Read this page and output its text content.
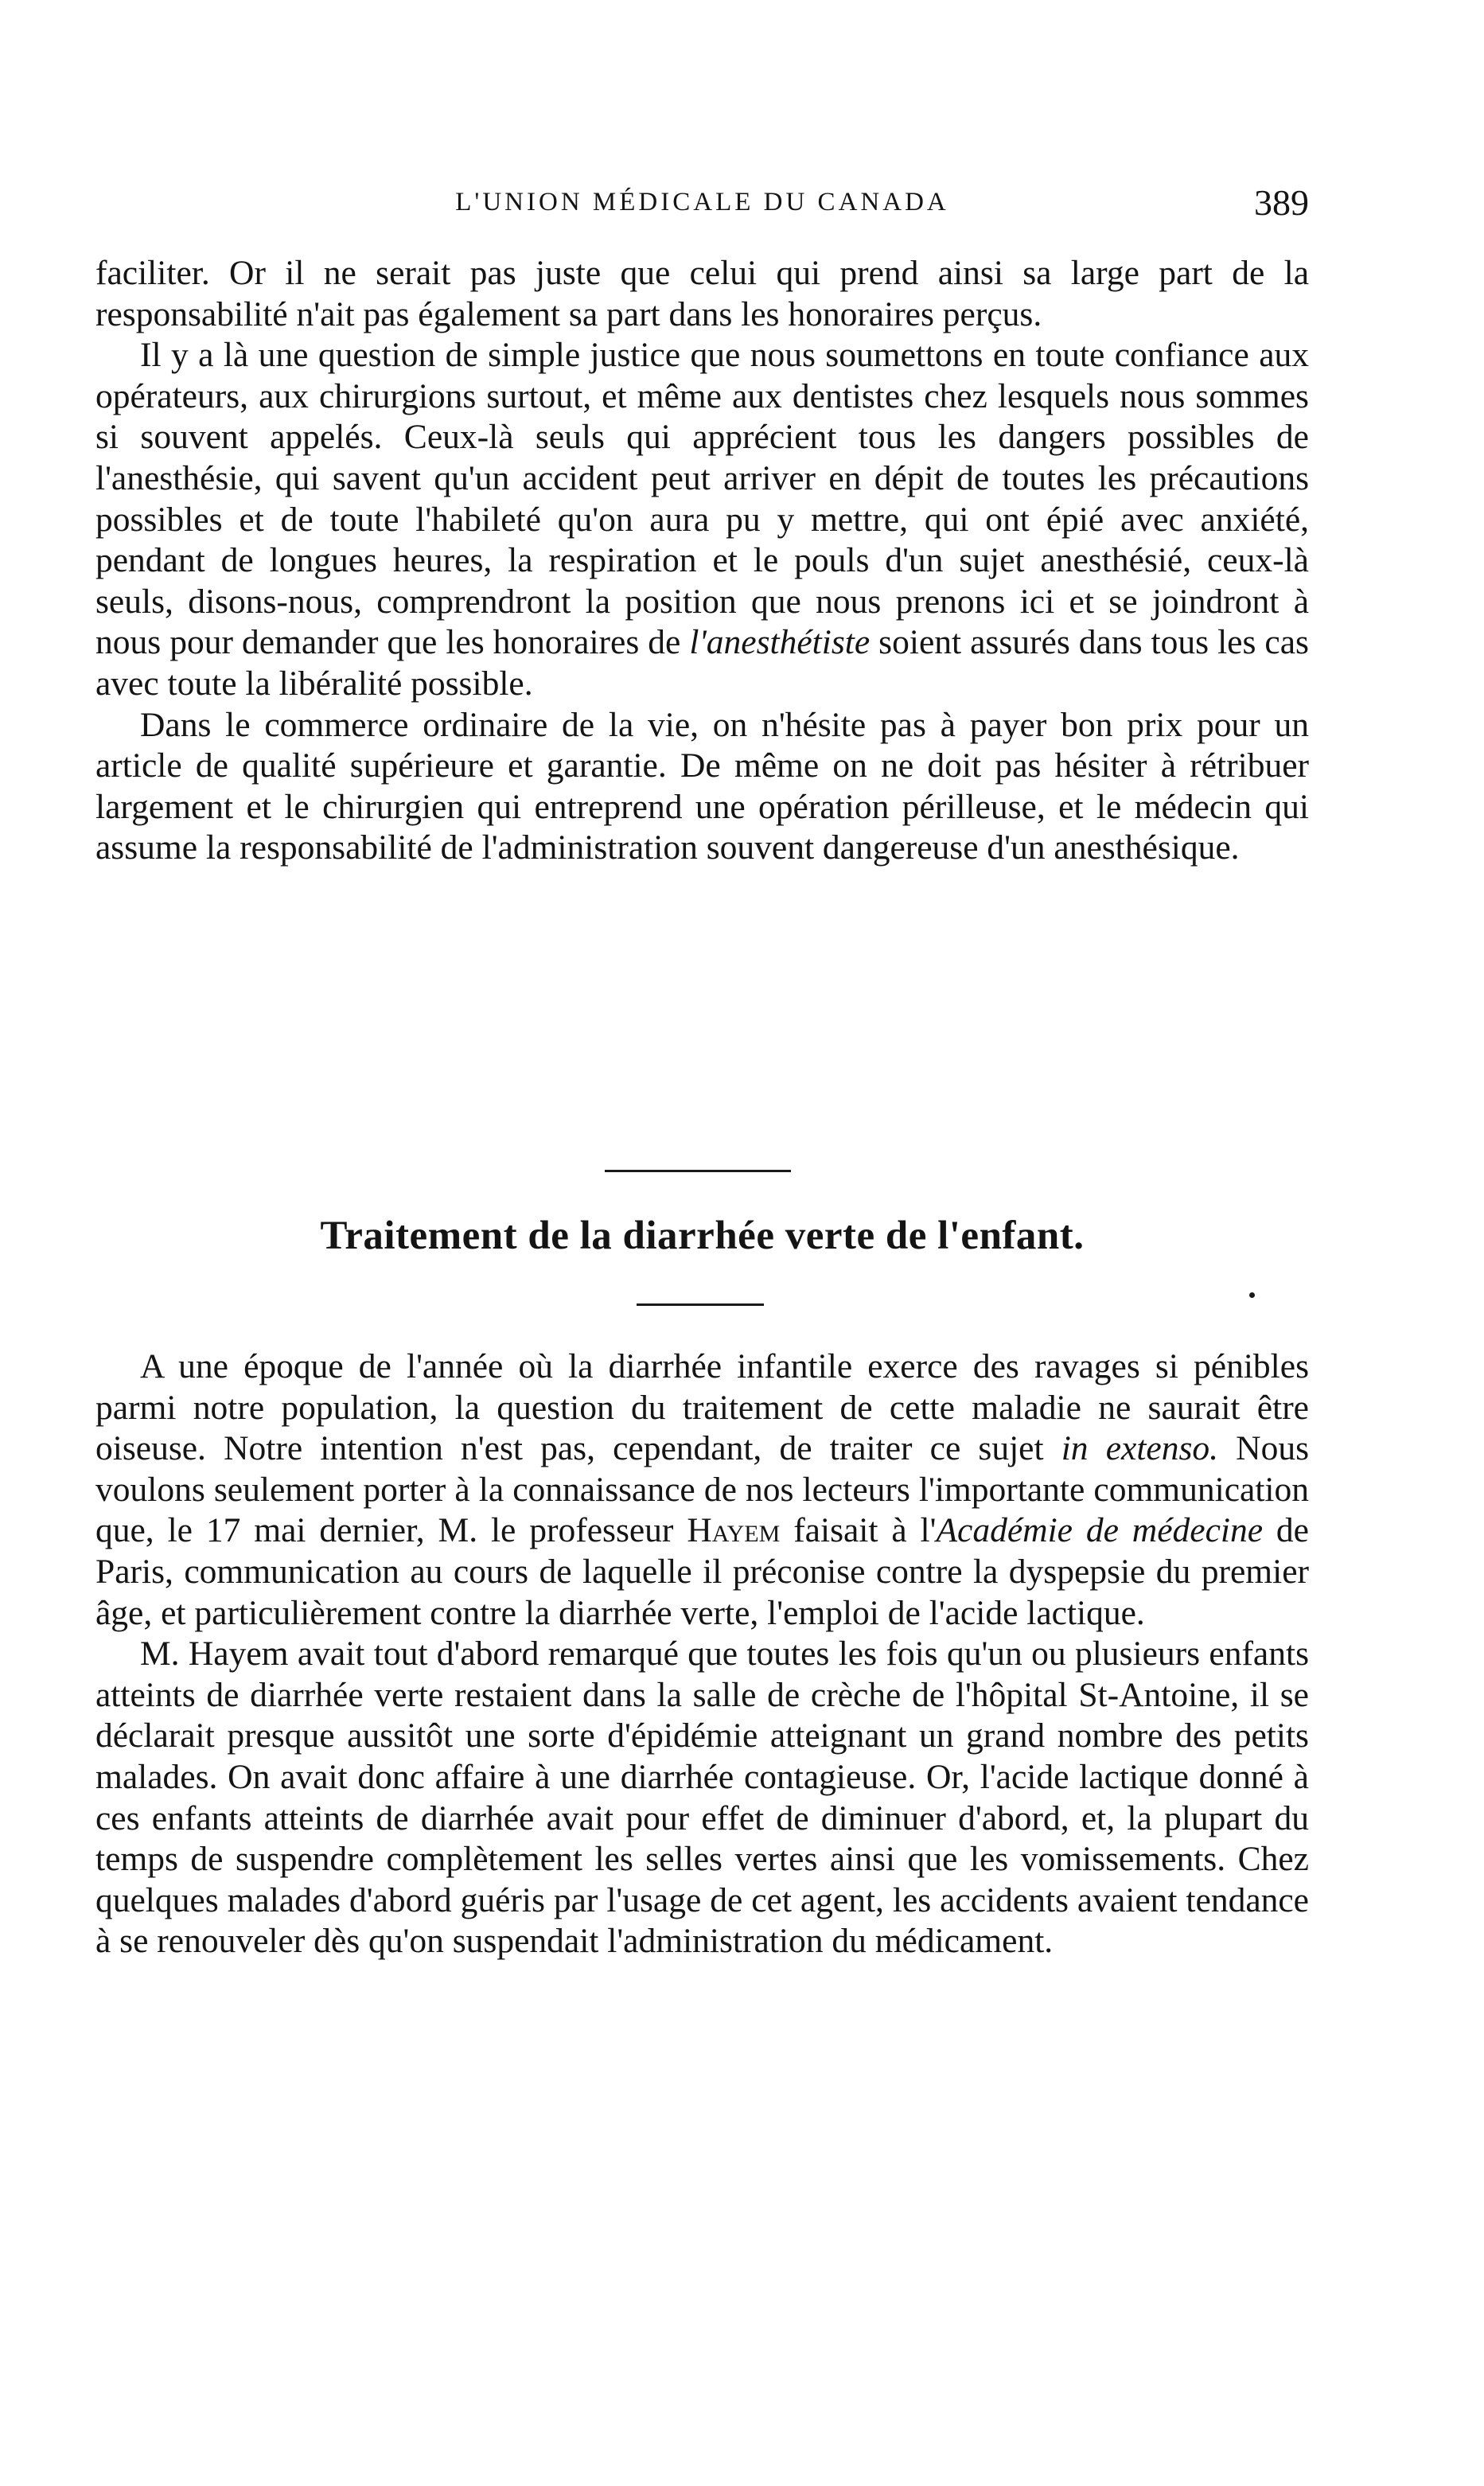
L'UNION MÉDICALE DU CANADA	389

faciliter. Or il ne serait pas juste que celui qui prend ainsi sa large part de la responsabilité n'ait pas également sa part dans les honoraires perçus.

Il y a là une question de simple justice que nous soumettons en toute confiance aux opérateurs, aux chirurgions surtout, et même aux dentistes chez lesquels nous sommes si souvent appelés. Ceux-là seuls qui apprécient tous les dangers possibles de l'anesthésie, qui savent qu'un accident peut arriver en dépit de toutes les précautions possibles et de toute l'habileté qu'on aura pu y mettre, qui ont épié avec anxiété, pendant de longues heures, la respiration et le pouls d'un sujet anesthésié, ceux-là seuls, disons-nous, comprendront la position que nous prenons ici et se joindront à nous pour demander que les honoraires de l'anesthétiste soient assurés dans tous les cas avec toute la libéralité possible.

Dans le commerce ordinaire de la vie, on n'hésite pas à payer bon prix pour un article de qualité supérieure et garantie. De même on ne doit pas hésiter à rétribuer largement et le chirurgien qui entreprend une opération périlleuse, et le médecin qui assume la responsabilité de l'administration souvent dangereuse d'un anesthésique.

Traitement de la diarrhée verte de l'enfant.

A une époque de l'année où la diarrhée infantile exerce des ravages si pénibles parmi notre population, la question du traitement de cette maladie ne saurait être oiseuse. Notre intention n'est pas, cependant, de traiter ce sujet in extenso. Nous voulons seulement porter à la connaissance de nos lecteurs l'importante communication que, le 17 mai dernier, M. le professeur Hayem faisait à l'Académie de médecine de Paris, communication au cours de laquelle il préconise contre la dyspepsie du premier âge, et particulièrement contre la diarrhée verte, l'emploi de l'acide lactique.

M. Hayem avait tout d'abord remarqué que toutes les fois qu'un ou plusieurs enfants atteints de diarrhée verte restaient dans la salle de crèche de l'hôpital St-Antoine, il se déclarait presque aussitôt une sorte d'épidémie atteignant un grand nombre des petits malades. On avait donc affaire à une diarrhée contagieuse. Or, l'acide lactique donné à ces enfants atteints de diarrhée avait pour effet de diminuer d'abord, et, la plupart du temps de suspendre complètement les selles vertes ainsi que les vomissements. Chez quelques malades d'abord guéris par l'usage de cet agent, les accidents avaient tendance à se renouveler dès qu'on suspendait l'administration du médicament.
